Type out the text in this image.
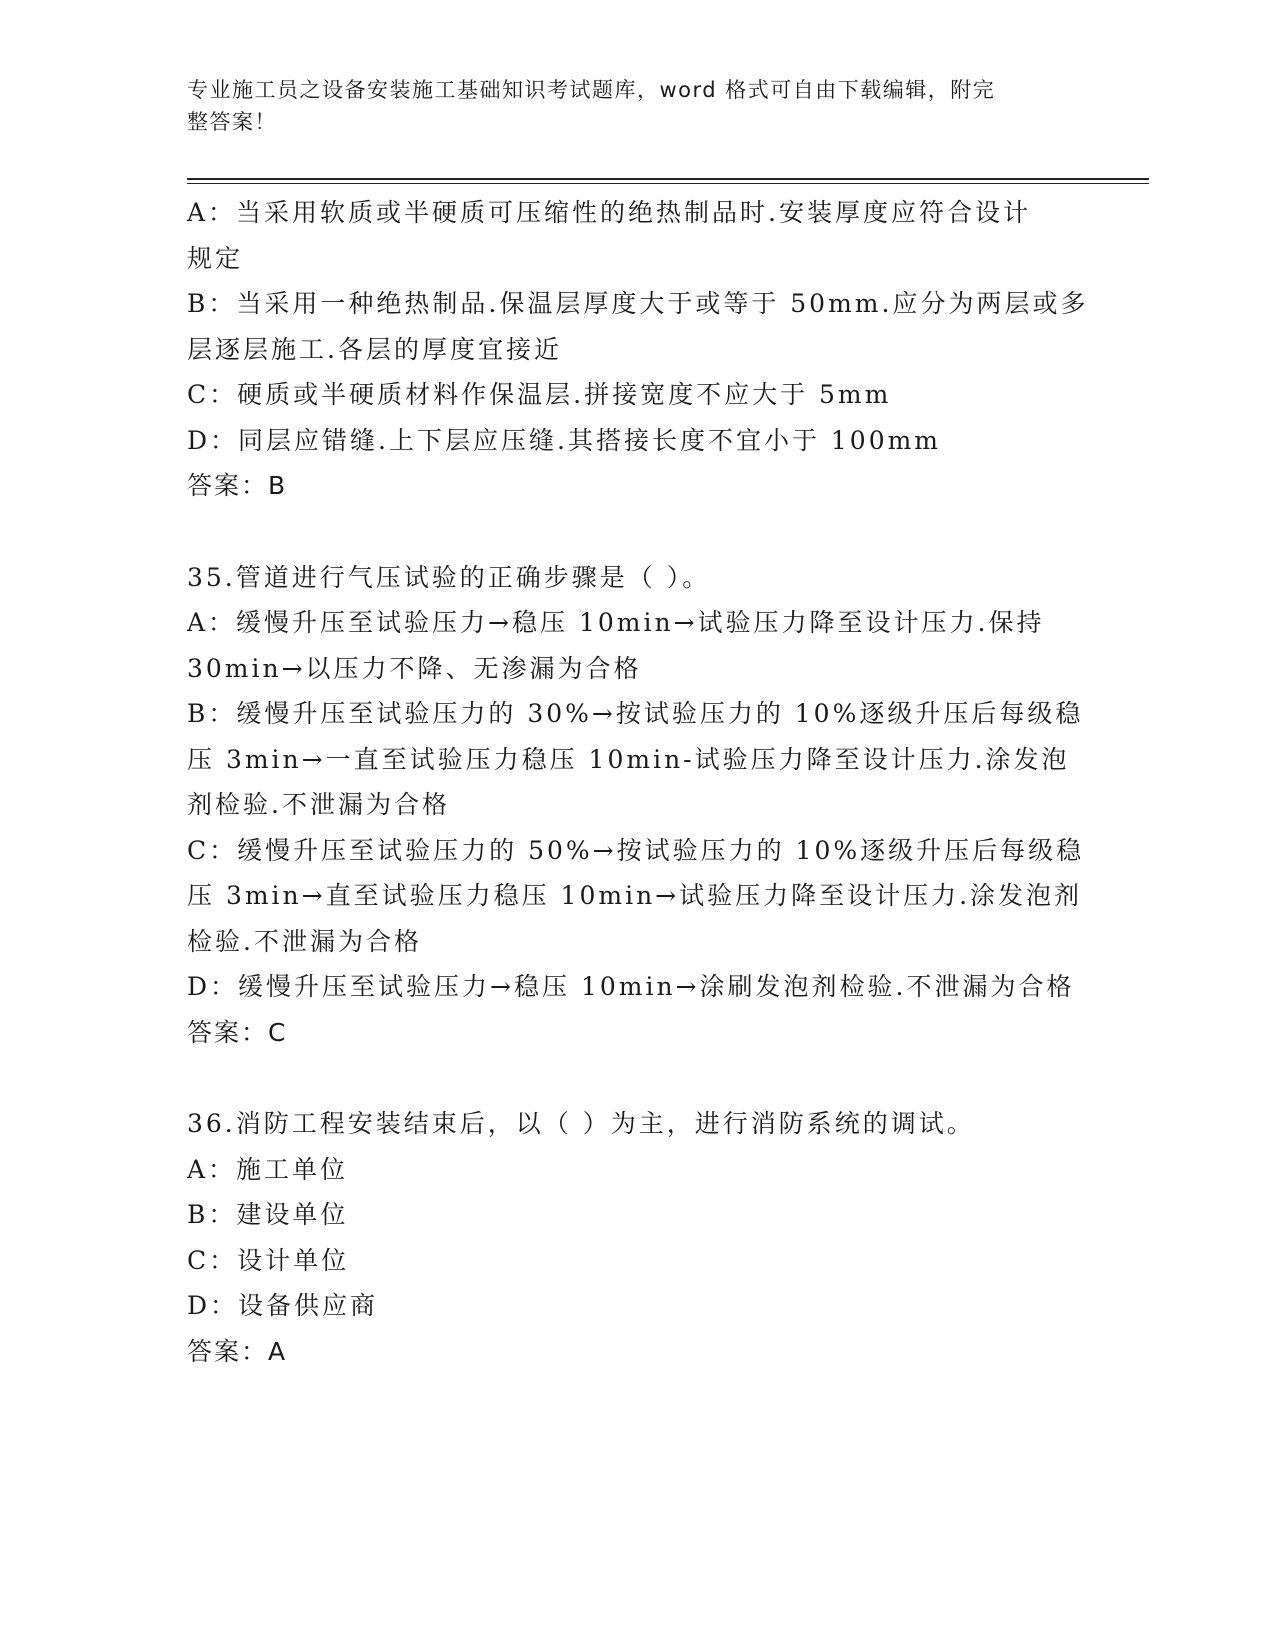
专业施工员之设备安装施工基础知识考试题库，word 格式可自由下载编辑，附完
整答案！
A：当采用软质或半硬质可压缩性的绝热制品时.安装厚度应符合设计
规定
B：当采用一种绝热制品.保温层厚度大于或等于 50mm.应分为两层或多
层逐层施工.各层的厚度宜接近
C：硬质或半硬质材料作保温层.拼接宽度不应大于 5mm
D：同层应错缝.上下层应压缝.其搭接长度不宜小于 100mm
答案：B
35.管道进行气压试验的正确步骤是（ ）。
A：缓慢升压至试验压力→稳压 10min→试验压力降至设计压力.保持
30min→以压力不降、无渗漏为合格
B：缓慢升压至试验压力的 30%→按试验压力的 10%逐级升压后每级稳
压 3min→一直至试验压力稳压 10min-试验压力降至设计压力.涂发泡
剂检验.不泄漏为合格
C：缓慢升压至试验压力的 50%→按试验压力的 10%逐级升压后每级稳
压 3min→直至试验压力稳压 10min→试验压力降至设计压力.涂发泡剂
检验.不泄漏为合格
D：缓慢升压至试验压力→稳压 10min→涂刷发泡剂检验.不泄漏为合格
答案：C
36.消防工程安装结束后，以（ ）为主，进行消防系统的调试。
A：施工单位
B：建设单位
C：设计单位
D：设备供应商
答案：A
